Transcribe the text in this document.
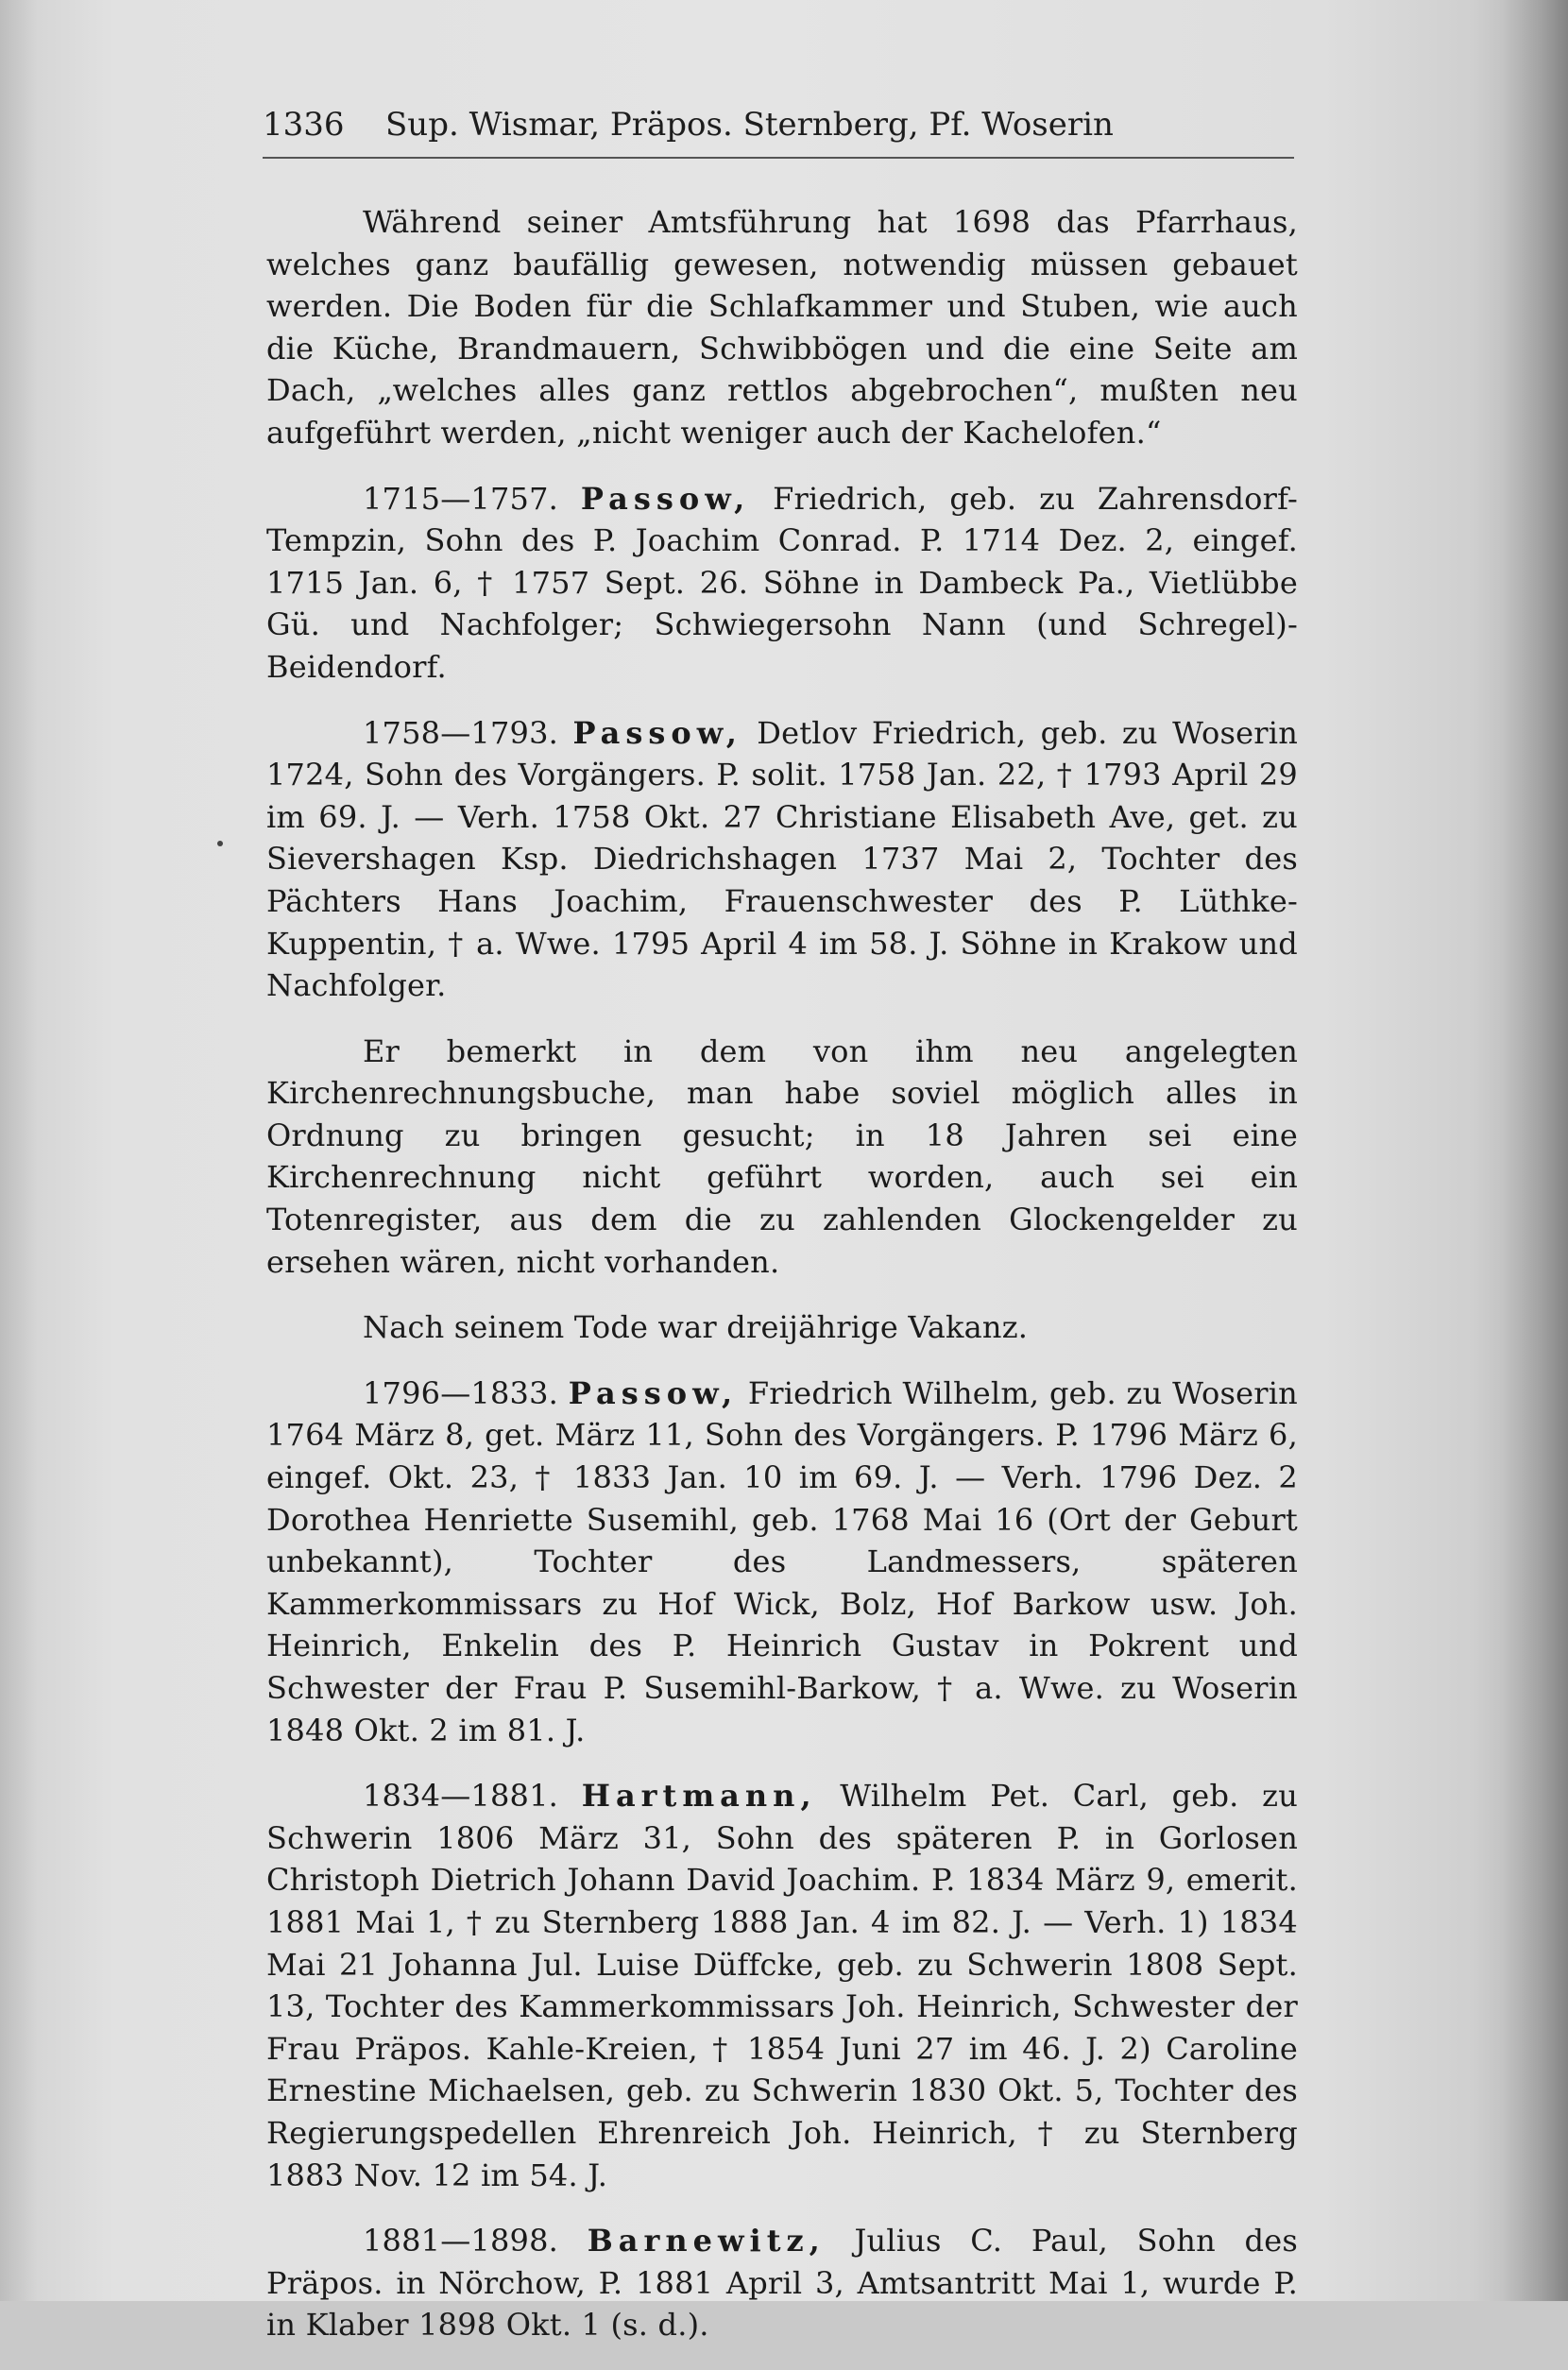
1336	Sup. Wismar, Präpos. Sternberg, Pf. Woserin

Während seiner Amtsführung hat 1698 das Pfarrhaus, welches ganz baufällig gewesen, notwendig müssen gebauet werden. Die Boden für die Schlafkammer und Stuben, wie auch die Küche, Brandmauern, Schwibbögen und die eine Seite am Dach, „welches alles ganz rettlos abgebrochen“, mußten neu aufgeführt werden, „nicht weniger auch der Kachelofen.“

1715—1757. Passow, Friedrich, geb. zu Zahrensdorf-Tempzin, Sohn des P. Joachim Conrad. P. 1714 Dez. 2, eingef. 1715 Jan. 6, † 1757 Sept. 26. Söhne in Dambeck Pa., Vietlübbe Gü. und Nachfolger; Schwiegersohn Nann (und Schregel)-Beidendorf.

1758—1793. Passow, Detlov Friedrich, geb. zu Woserin 1724, Sohn des Vorgängers. P. solit. 1758 Jan. 22, † 1793 April 29 im 69. J. — Verh. 1758 Okt. 27 Christiane Elisabeth Ave, get. zu Sievershagen Ksp. Diedrichshagen 1737 Mai 2, Tochter des Pächters Hans Joachim, Frauenschwester des P. Lüthke-Kuppentin, † a. Wwe. 1795 April 4 im 58. J. Söhne in Krakow und Nachfolger.

Er bemerkt in dem von ihm neu angelegten Kirchenrechnungsbuche, man habe soviel möglich alles in Ordnung zu bringen gesucht; in 18 Jahren sei eine Kirchenrechnung nicht geführt worden, auch sei ein Totenregister, aus dem die zu zahlenden Glockengelder zu ersehen wären, nicht vorhanden.

Nach seinem Tode war dreijährige Vakanz.

1796—1833. Passow, Friedrich Wilhelm, geb. zu Woserin 1764 März 8, get. März 11, Sohn des Vorgängers. P. 1796 März 6, eingef. Okt. 23, † 1833 Jan. 10 im 69. J. — Verh. 1796 Dez. 2 Dorothea Henriette Susemihl, geb. 1768 Mai 16 (Ort der Geburt unbekannt), Tochter des Landmessers, späteren Kammerkommissars zu Hof Wick, Bolz, Hof Barkow usw. Joh. Heinrich, Enkelin des P. Heinrich Gustav in Pokrent und Schwester der Frau P. Susemihl-Barkow, † a. Wwe. zu Woserin 1848 Okt. 2 im 81. J.

1834—1881. Hartmann, Wilhelm Pet. Carl, geb. zu Schwerin 1806 März 31, Sohn des späteren P. in Gorlosen Christoph Dietrich Johann David Joachim. P. 1834 März 9, emerit. 1881 Mai 1, † zu Sternberg 1888 Jan. 4 im 82. J. — Verh. 1) 1834 Mai 21 Johanna Jul. Luise Düffcke, geb. zu Schwerin 1808 Sept. 13, Tochter des Kammerkommissars Joh. Heinrich, Schwester der Frau Präpos. Kahle-Kreien, † 1854 Juni 27 im 46. J. 2) Caroline Ernestine Michaelsen, geb. zu Schwerin 1830 Okt. 5, Tochter des Regierungspedellen Ehrenreich Joh. Heinrich, † zu Sternberg 1883 Nov. 12 im 54. J.

1881—1898. Barnewitz, Julius C. Paul, Sohn des Präpos. in Nörchow, P. 1881 April 3, Amtsantritt Mai 1, wurde P. in Klaber 1898 Okt. 1 (s. d.).
